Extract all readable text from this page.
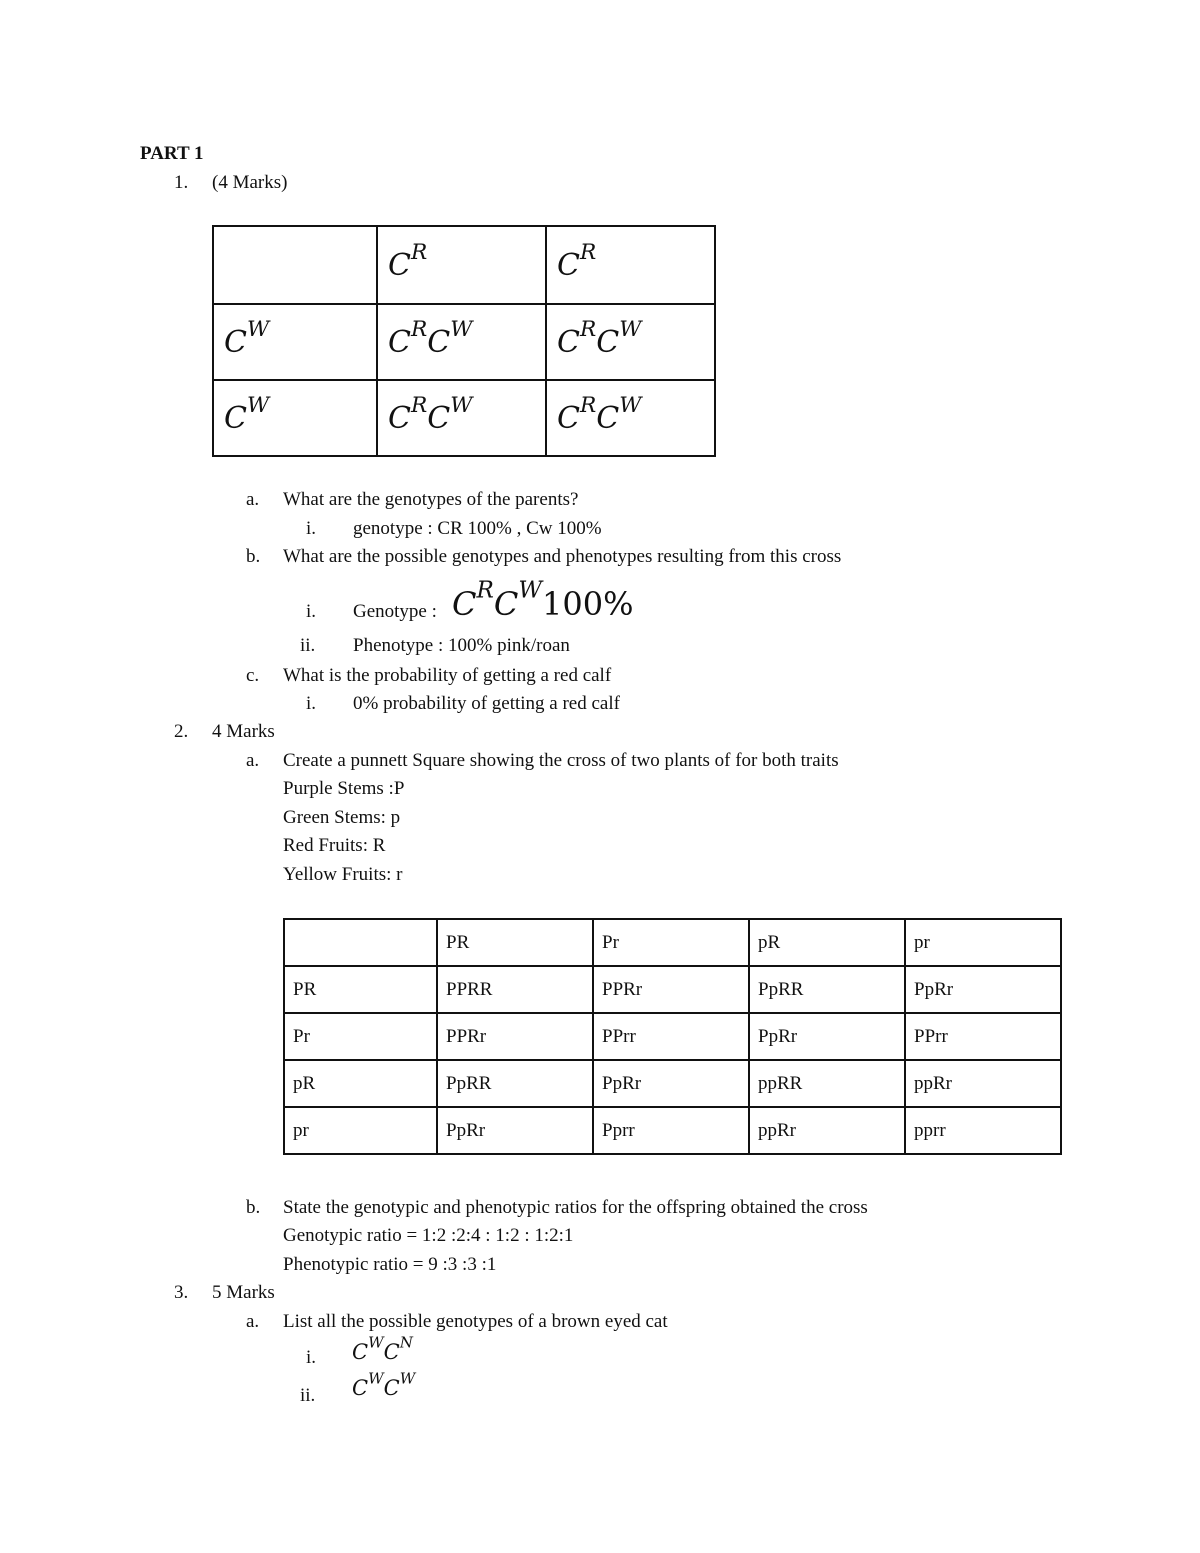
PART 1
1. (4 Marks)
	$C^R$	$C^R$
$C^W$	$C^RC^W$	$C^RC^W$
$C^W$	$C^RC^W$	$C^RC^W$
a. What are the genotypes of the parents?
i. genotype : CR 100% , Cw 100%
b. What are the possible genotypes and phenotypes resulting from this cross
i. Genotype : $C^RC^W100\%$
ii. Phenotype : 100% pink/roan
c. What is the probability of getting a red calf
i. 0% probability of getting a red calf
2. 4 Marks
a. Create a punnett Square showing the cross of two plants of for both traits
Purple Stems :P
Green Stems: p
Red Fruits: R
Yellow Fruits: r
	PR	Pr	pR	pr
PR	PPRR	PPRr	PpRR	PpRr
Pr	PPRr	PPrr	PpRr	PPrr
pR	PpRR	PpRr	ppRR	ppRr
pr	PpRr	Pprr	ppRr	pprr
b. State the genotypic and phenotypic ratios for the offspring obtained the cross
Genotypic ratio = 1:2 :2:4 : 1:2 : 1:2:1
Phenotypic ratio = 9 :3 :3 :1
3. 5 Marks
a. List all the possible genotypes of a brown eyed cat
i. $C^WC^N$
ii. $C^WC^W$
